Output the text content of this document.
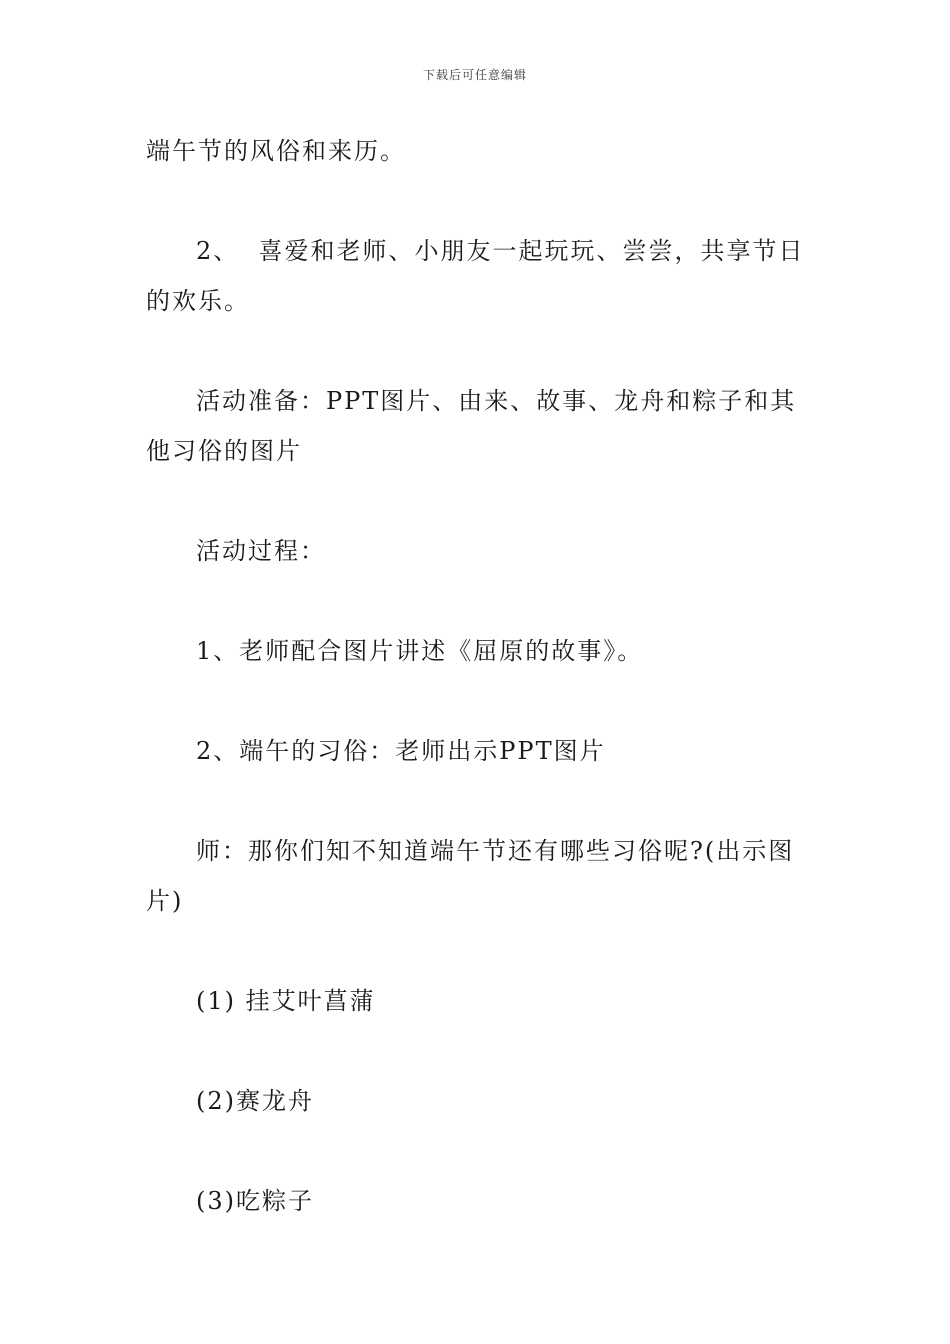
下载后可任意编辑

端午节的风俗和来历。

2、  喜爱和老师、小朋友一起玩玩、尝尝，共享节日的欢乐。

活动准备：PPT图片、由来、故事、龙舟和粽子和其他习俗的图片

活动过程：

1、老师配合图片讲述《屈原的故事》。

2、端午的习俗：老师出示PPT图片

师：那你们知不知道端午节还有哪些习俗呢?(出示图片)

(1) 挂艾叶菖蒲

(2)赛龙舟

(3)吃粽子
